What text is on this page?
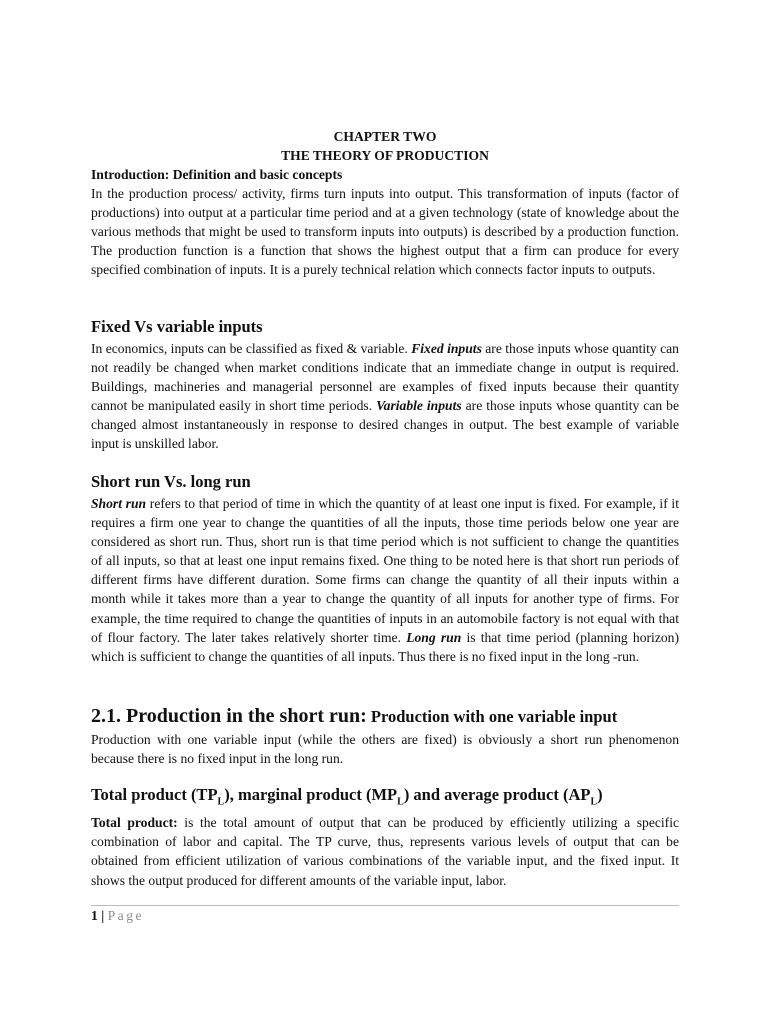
CHAPTER TWO
THE THEORY OF PRODUCTION

Introduction: Definition and basic concepts

In the production process/ activity, firms turn inputs into output. This transformation of inputs (factor of productions) into output at a particular time period and at a given technology (state of knowledge about the various methods that might be used to transform inputs into outputs) is described by a production function. The production function is a function that shows the highest output that a firm can produce for every specified combination of inputs. It is a purely technical relation which connects factor inputs to outputs.

Fixed Vs variable inputs

In economics, inputs can be classified as fixed & variable. Fixed inputs are those inputs whose quantity can not readily be changed when market conditions indicate that an immediate change in output is required. Buildings, machineries and managerial personnel are examples of fixed inputs because their quantity cannot be manipulated easily in short time periods. Variable inputs are those inputs whose quantity can be changed almost instantaneously in response to desired changes in output. The best example of variable input is unskilled labor.

Short run Vs. long run

Short run refers to that period of time in which the quantity of at least one input is fixed. For example, if it requires a firm one year to change the quantities of all the inputs, those time periods below one year are considered as short run. Thus, short run is that time period which is not sufficient to change the quantities of all inputs, so that at least one input remains fixed. One thing to be noted here is that short run periods of different firms have different duration. Some firms can change the quantity of all their inputs within a month while it takes more than a year to change the quantity of all inputs for another type of firms. For example, the time required to change the quantities of inputs in an automobile factory is not equal with that of flour factory. The later takes relatively shorter time. Long run is that time period (planning horizon) which is sufficient to change the quantities of all inputs. Thus there is no fixed input in the long -run.

2.1. Production in the short run: Production with one variable input

Production with one variable input (while the others are fixed) is obviously a short run phenomenon because there is no fixed input in the long run.

Total product $(TP_L)$, marginal product $(MP_L)$ and average product $(AP_L)$

Total product: is the total amount of output that can be produced by efficiently utilizing a specific combination of labor and capital. The TP curve, thus, represents various levels of output that can be obtained from efficient utilization of various combinations of the variable input, and the fixed input. It shows the output produced for different amounts of the variable input, labor.

1 | Page
